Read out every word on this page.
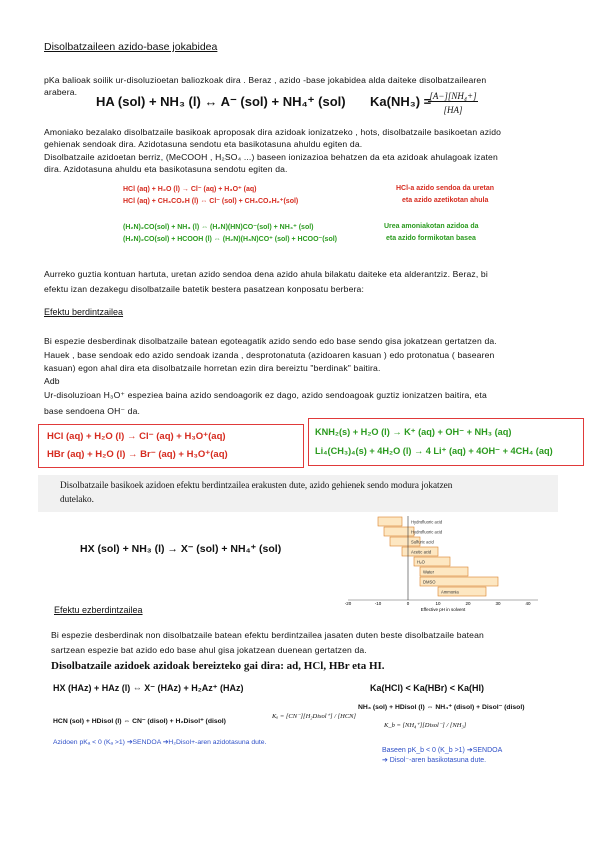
Disolbatzaileen azido-base jokabidea
pKa balioak soilik ur-disoluzioetan baliozkoak dira . Beraz , azido -base jokabidea alda daiteke disolbatzailearen
arabera.
HA (sol) + NH₃ (l) ↔ A⁻ (sol) + NH₄⁺ (sol) Ka(NH₃) =
[A−][NH₄+]
[HA]
Amoniako bezalako disolbatzaile basikoak aproposak dira azidoak ionizatzeko , hots, disolbatzaile basikoetan azido
gehienak sendoak dira. Azidotasuna sendotu eta basikotasuna ahuldu egiten da.
Disolbatzaile azidoetan berriz, (MeCOOH , H₂SO₄ ...) baseen ionizazioa behatzen da eta azidoak ahulagoak izaten
dira. Azidotasuna ahuldu eta basikotasuna sendotu egiten da.
HCl (aq) + H₂O (l) → Cl⁻ (aq) + H₃O⁺ (aq)
HCl (aq) + CH₃CO₂H (l) ⇔ Cl⁻ (sol) + CH₃CO₂H₂⁺(sol)
(H₂N)₂CO(sol) + NH₃ (l) ⇔ (H₂N)(HN)CO⁻(sol) + NH₄⁺ (sol)
(H₂N)₂CO(sol) + HCOOH (l) ⇔ (H₂N)(H₃N)CO⁺ (sol) + HCOO⁻(sol)
HCl-a azido sendoa da uretan
eta azido azetikotan ahula
Urea amoniakotan azidoa da
eta azido formikotan basea
Aurreko guztia kontuan hartuta, uretan azido sendoa dena azido ahula bilakatu daiteke eta alderantziz. Beraz, bi
efektu izan dezakegu disolbatzaile batetik bestera pasatzean konposatu berbera:
Efektu berdintzailea
Bi espezie desberdinak disolbatzaile batean egoteagatik azido sendo edo base sendo gisa jokatzean gertatzen da.
Hauek , base sendoak edo azido sendoak izanda , desprotonatuta (azidoaren kasuan ) edo protonatua ( basearen
kasuan) egon ahal dira eta disolbatzaile horretan ezin dira bereiztu "berdinak" baitira.
Adb
Ur-disoluzioan H₃O⁺ espeziea baina azido sendoagorik ez dago, azido sendoagoak guztiz ionizatzen baitira, eta
base sendoena OH⁻ da.
HCl (aq) + H₂O (l) → Cl⁻ (aq) + H₃O⁺(aq)
HBr (aq) + H₂O (l) → Br⁻ (aq) + H₃O⁺(aq)
KNH₂(s) + H₂O (l) → K⁺ (aq) + OH⁻ + NH₃ (aq)
Li₄(CH₃)₄(s) + 4H₂O (l) → 4 Li⁺ (aq) + 4OH⁻ + 4CH₄ (aq)
Disolbatzaile basikoek azidoen efektu berdintzailea erakusten dute, azido gehienek sendo modura jokatzen
dutelako.
HX (sol) + NH₃ (l) → X⁻ (sol) + NH₄⁺ (sol)
Hydrofluoric acid
Hydrofluoric acid
Sulfuric acid
Acetic acid
H₂O
Water
DMSO
Ammonia
-20	-10	0	10	20	30	40
Effective pH in solvent
Efektu ezberdintzailea
Bi espezie desberdinak non disolbatzaile batean efektu berdintzailea jasaten duten beste disolbatzaile batean
sartzean espezie bat azido edo base ahul gisa jokatzean duenean gertatzen da.
Disolbatzaile azidoek azidoak bereizteko gai dira: ad, HCl, HBr eta HI.
HX (HAz) + HAz (l) ⇔ X⁻ (HAz) + H₂Az⁺ (HAz)	Ka(HCl) < Ka(HBr) < Ka(HI)
NH₃ (sol) + HDisol (l) ⇔ NH₄⁺ (disol) + Disol⁻ (disol)
HCN (sol) + HDisol (l) ⇔ CN⁻ (disol) + H₂Disol⁺ (disol)
Kₐ = [CN⁻][H₂Disol⁺] / [HCN]
K_b = [NH₄⁺][Disol⁻] / [NH₃]
Azidoen pKₐ < 0 (Kₐ >1) ➔SENDOA ➔H₂Disol+-aren azidotasuna dute.
Baseen pK_b < 0 (K_b >1) ➔SENDOA
➔ Disol⁻-aren basikotasuna dute.
